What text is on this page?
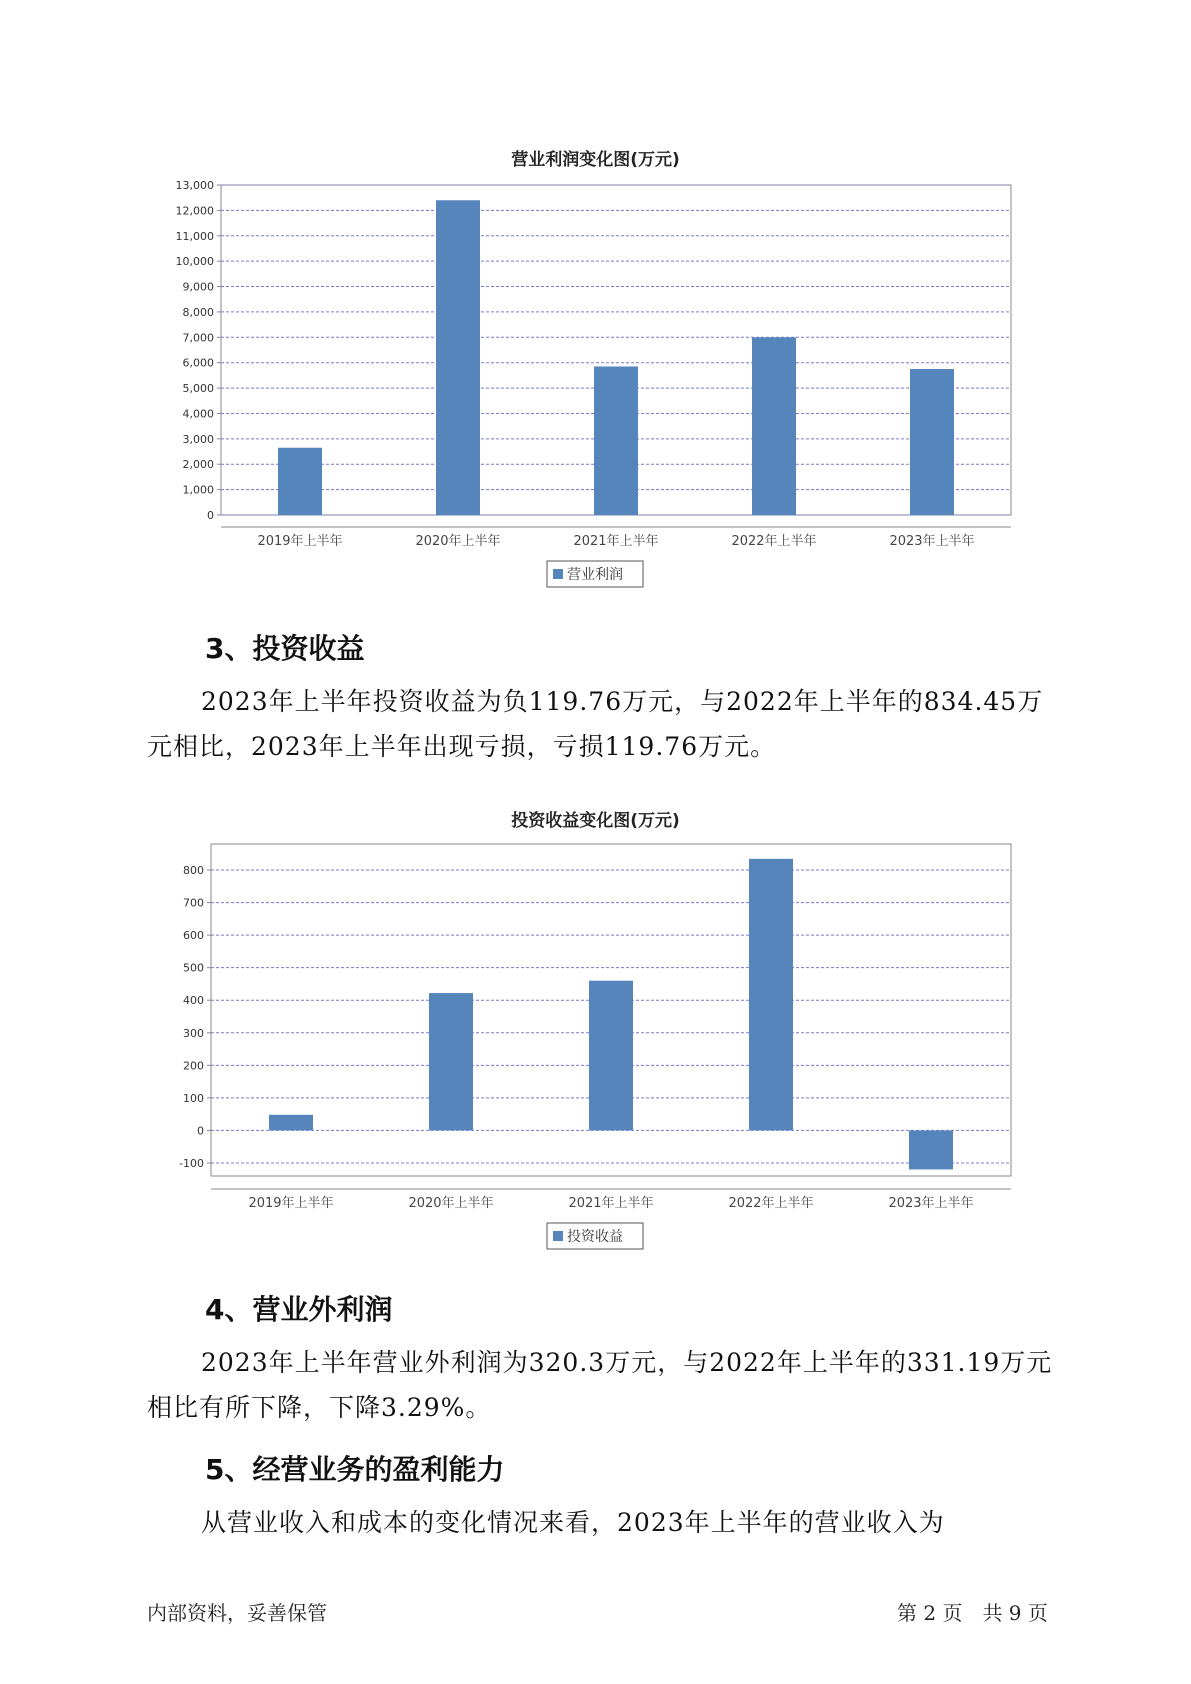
营业利润变化图(万元)
0
1,000
2,000
3,000
4,000
5,000
6,000
7,000
8,000
9,000
10,000
11,000
12,000
13,000
2019年上半年	2020年上半年	2021年上半年	2022年上半年	2023年上半年
营业利润
3、投资收益
2023年上半年投资收益为负119.76万元，与2022年上半年的834.45万元相比，2023年上半年出现亏损，亏损119.76万元。
投资收益变化图(万元)
-100
0
100
200
300
400
500
600
700
800
2019年上半年	2020年上半年	2021年上半年	2022年上半年	2023年上半年
投资收益
4、营业外利润
2023年上半年营业外利润为320.3万元，与2022年上半年的331.19万元相比有所下降，下降3.29%。
5、经营业务的盈利能力
从营业收入和成本的变化情况来看，2023年上半年的营业收入为
内部资料，妥善保管	第 2 页　共 9 页
